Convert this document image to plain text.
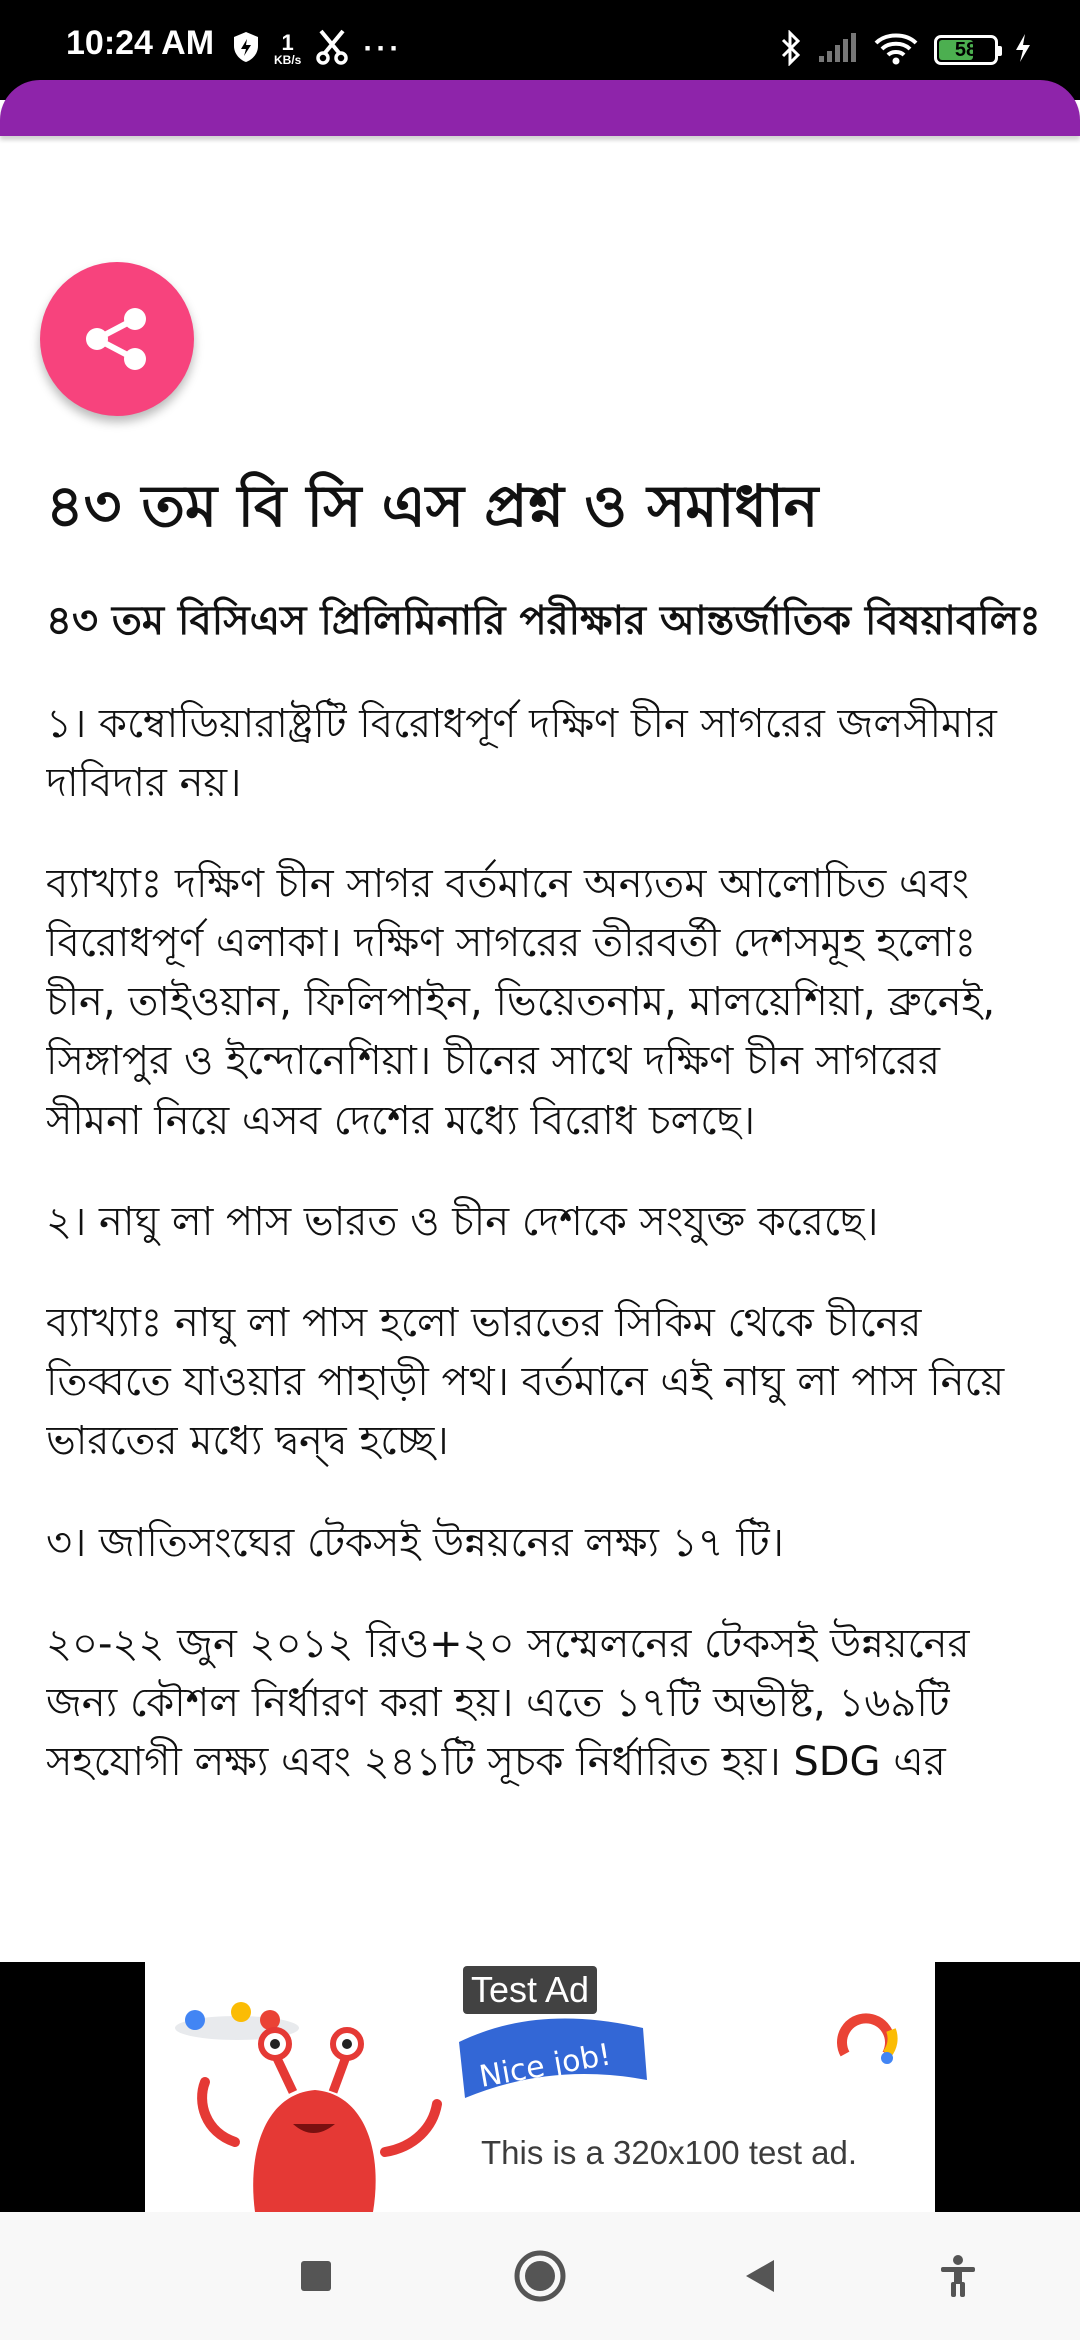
10:24 AM	1
KB/s ···	58
৪৩ তম বি সি এস প্রশ্ন ও সমাধান

৪৩ তম বিসিএস প্রিলিমিনারি পরীক্ষার আন্তর্জাতিক বিষয়াবলিঃ

১। কম্বোডিয়ারাষ্ট্রটি বিরোধপূর্ণ দক্ষিণ চীন সাগরের জলসীমার দাবিদার নয়।

ব্যাখ্যাঃ দক্ষিণ চীন সাগর বর্তমানে অন্যতম আলোচিত এবং বিরোধপূর্ণ এলাকা। দক্ষিণ সাগরের তীরবর্তী দেশসমূহ হলোঃ চীন, তাইওয়ান, ফিলিপাইন, ভিয়েতনাম, মালয়েশিয়া, ব্রুনেই, সিঙ্গাপুর ও ইন্দোনেশিয়া। চীনের সাথে দক্ষিণ চীন সাগরের সীমনা নিয়ে এসব দেশের মধ্যে বিরোধ চলছে।

২। নাঘু লা পাস ভারত ও চীন দেশকে সংযুক্ত করেছে।

ব্যাখ্যাঃ নাঘু লা পাস হলো ভারতের সিকিম থেকে চীনের তিব্বতে যাওয়ার পাহাড়ী পথ। বর্তমানে এই নাঘু লা পাস নিয়ে ভারতের মধ্যে দ্বন্দ্ব হচ্ছে।

৩। জাতিসংঘের টেকসই উন্নয়নের লক্ষ্য ১৭ টি।

২০-২২ জুন ২০১২ রিও+২০ সম্মেলনের টেকসই উন্নয়নের জন্য কৌশল নির্ধারণ করা হয়। এতে ১৭টি অভীষ্ট, ১৬৯টি সহযোগী লক্ষ্য এবং ২৪১টি সূচক নির্ধারিত হয়। SDG এর

Test Ad
Nice job!
This is a 320x100 test ad.
